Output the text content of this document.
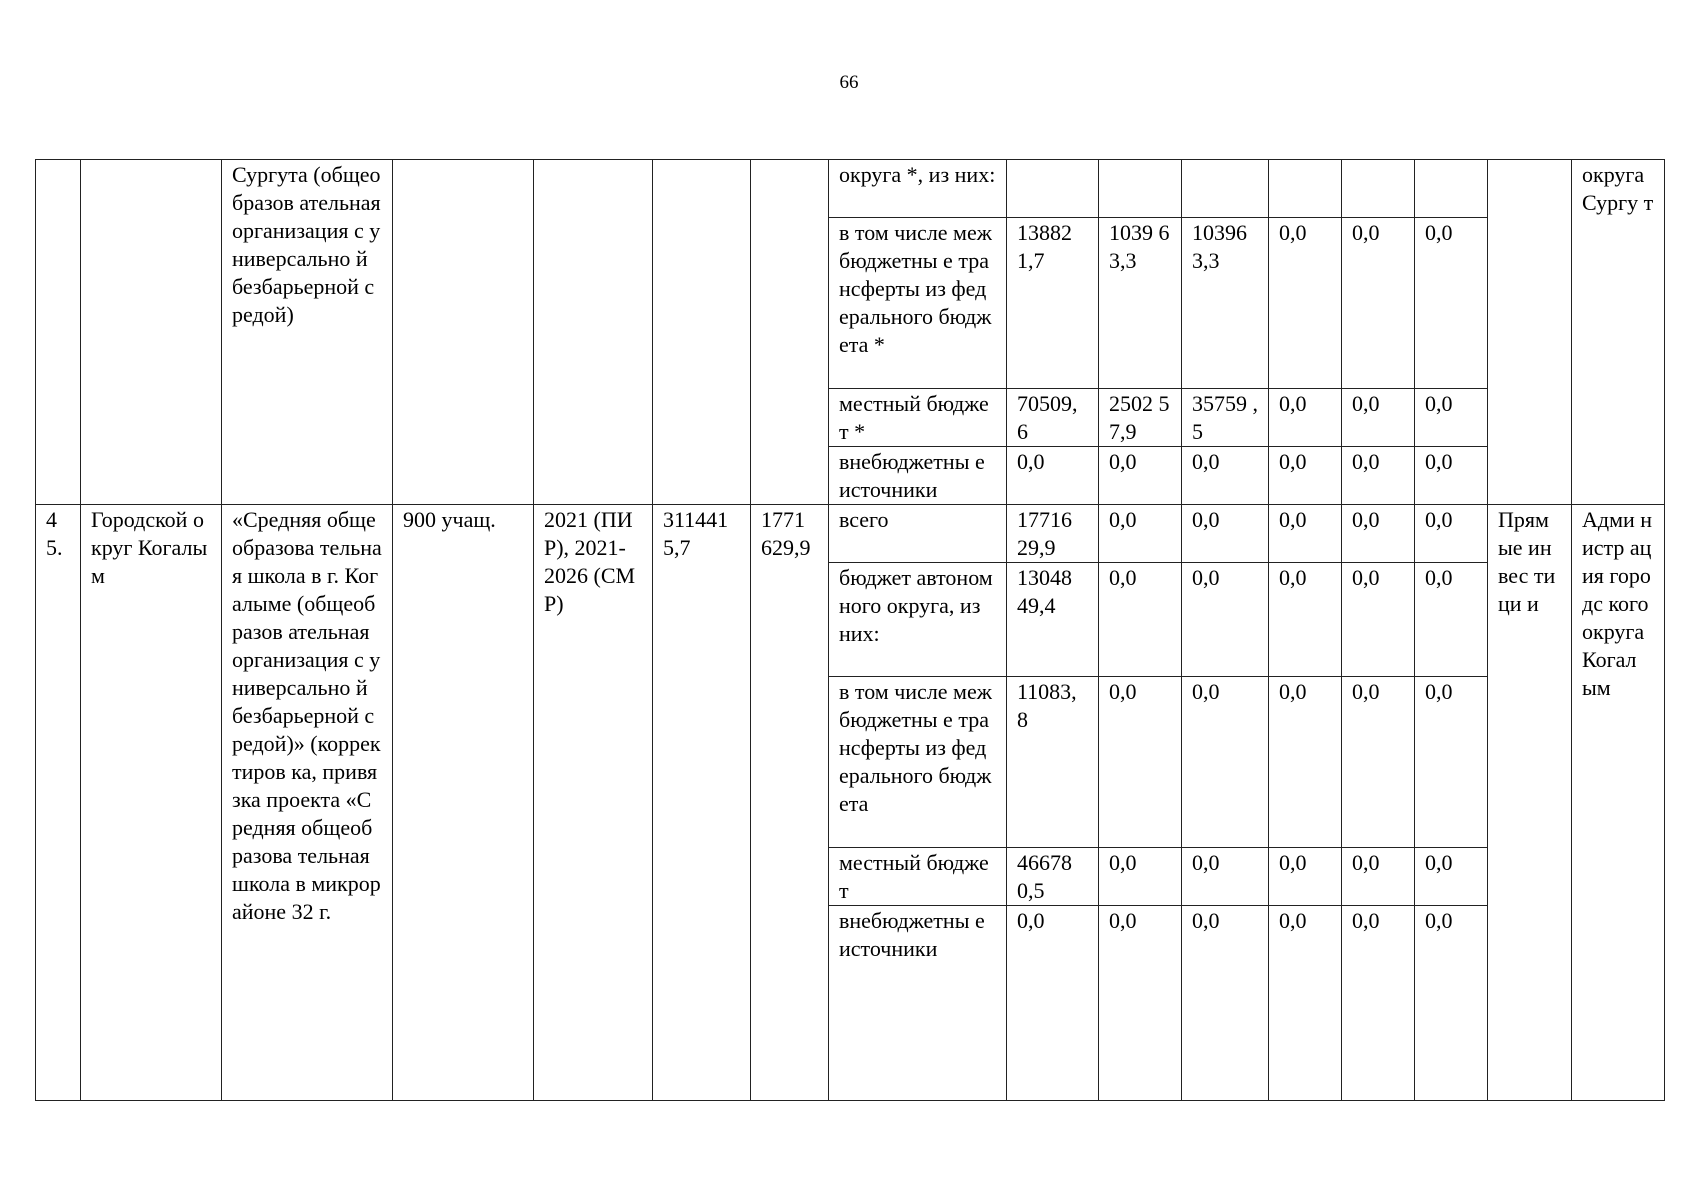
66
		Сургута (общеобразов ательная организация с универсально й безбарьерной средой)					округа *, из них:								округа Сургу т
							в том числе межбюджетны е трансферты из федерального бюджета *	13882 1,7	1039 63,3	10396 3,3	0,0	0,0	0,0		
							местный бюджет *	70509, 6	2502 57,9	35759 ,5	0,0	0,0	0,0		
							внебюджетны е источники	0,0	0,0	0,0	0,0	0,0	0,0		
4 5.	Городской округ Когалым	«Средняя общеобразова тельная школа в г. Когалыме (общеобразов ательная организация с универсально й безбарьерной средой)» (корректиров ка, привязка проекта «Средняя общеобразова тельная школа в микрорайоне 32 г.	900 учащ.	2021 (ПИР), 2021- 2026 (СМР)	311441 5,7	1771 629,9	всего	17716 29,9	0,0	0,0	0,0	0,0	0,0	Прям ые инвес тици и	Адми нистр ация городс кого округа Когал ым
							бюджет автономного округа, из них:	13048 49,4	0,0	0,0	0,0	0,0	0,0		
							в том числе межбюджетны е трансферты из федерального бюджета	11083, 8	0,0	0,0	0,0	0,0	0,0		
							местный бюджет	46678 0,5	0,0	0,0	0,0	0,0	0,0		
							внебюджетны е источники	0,0	0,0	0,0	0,0	0,0	0,0		
